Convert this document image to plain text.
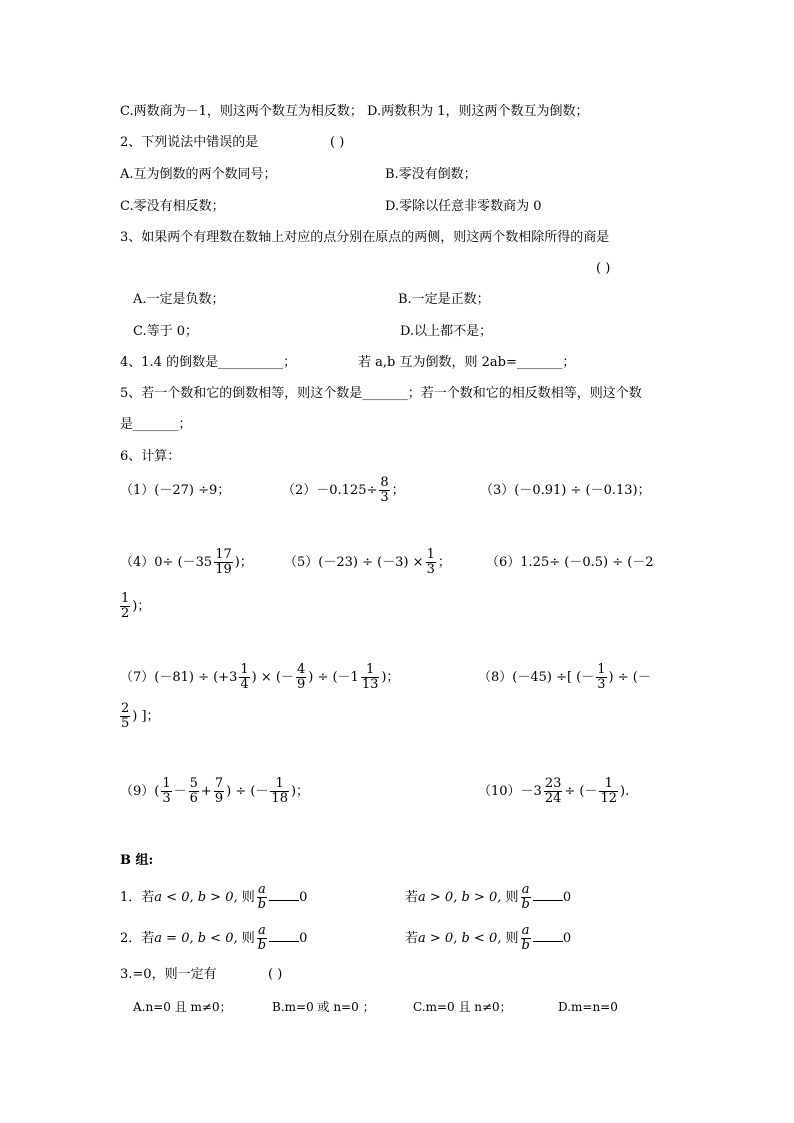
C.两数商为－1，则这两个数互为相反数； D.两数积为 1，则这两个数互为倒数；
2、下列说法中错误的是	( )
A.互为倒数的两个数同号；	B.零没有倒数；
C.零没有相反数；	D.零除以任意非零数商为 0
3、如果两个有理数在数轴上对应的点分别在原点的两侧，则这两个数相除所得的商是
( )
A.一定是负数；	B.一定是正数；
C.等于 0；	D.以上都不是；
4、1.4 的倒数是__________；	若 a,b 互为倒数，则 2ab=_______；
5、若一个数和它的倒数相等，则这个数是_______；若一个数和它的相反数相等，则这个数
是_______；
6、计算：
（1）(－27) ÷9；	$(2)-0.125\div \frac{8}{3}$ ；	（3）(－0.91) ÷ (－0.13)；
$(4)0\div (-35 \frac{17}{19}$ )； $(5)(-23) \div (-3) \times \frac{1}{3}$ ；	（6）1.25÷ (－0.5) ÷ (－2
$\frac{1}{2}$ )；
$(7)(-81) \div (+3 \frac{1}{4}$ ) × (－ $\frac{4}{9}$ ) ÷ ($-1 \frac{1}{13}$ )；	（8）(－45) ÷[ (－ $\frac{1}{3}$ ) ÷ (－
$\frac{2}{5}$ ) ]；
$(9)( \frac{1}{3} - \frac{5}{6} + \frac{7}{9}$ ) ÷ (－ $\frac{1}{18}$ )；	$(10)-3 \frac{23}{24}$ ÷ (－ $\frac{1}{12}$ ).
B 组:
1．若a < 0, b > 0, 则 $\frac{a}{b} 0$	若a > 0, b > 0, 则 $\frac{a}{b} 0$
2．若a = 0, b < 0, 则 $\frac{a}{b} 0$	若a > 0, b < 0, 则 $\frac{a}{b} 0$
3.=0，则一定有	( )
A.n=0 且 m≠0；	B.m=0 或 n=0 ；	C.m=0 且 n≠0；	D.m=n=0
